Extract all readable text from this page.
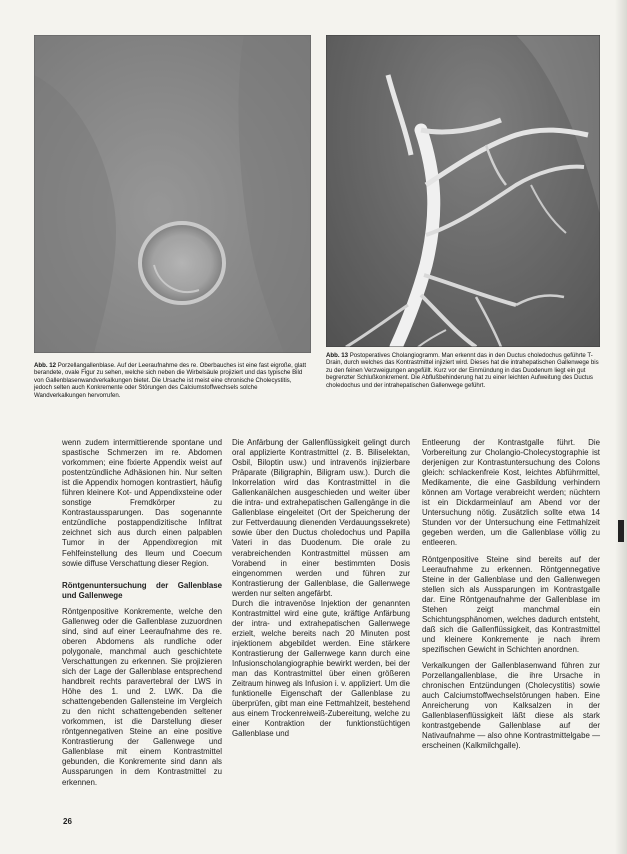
Abb. 12 Porzellangallenblase. Auf der Leeraufnahme des re. Oberbauches ist eine fast eigroße, glatt berandete, ovale Figur zu sehen, welche sich neben die Wirbelsäule projiziert und das typische Bild von Gallenblasenwandverkalkungen bietet. Die Ursache ist meist eine chronische Cholecystitis, jedoch selten auch Konkremente oder Störungen des Calciumstoffwechsels solche Wandverkalkungen hervorrufen.
Abb. 13 Postoperatives Cholangiogramm. Man erkennt das in den Ductus choledochus geführte T-Drain, durch welches das Kontrastmittel injiziert wird. Dieses hat die intrahepatischen Gallenwege bis zu den feinen Verzweigungen angefüllt. Kurz vor der Einmündung in das Duodenum liegt ein gut begrenzter Schlußkonkrement. Die Abflußbehinderung hat zu einer leichten Aufweitung des Ductus choledochus und der intrahepatischen Gallenwege geführt.

wenn zudem intermittierende spontane und spastische Schmerzen im re. Abdomen vorkommen; eine fixierte Appendix weist auf postentzündliche Adhäsionen hin. Nur selten ist die Appendix homogen kontrastiert, häufig führen kleinere Kot- und Appendixsteine oder sonstige Fremdkörper zu Kontrastaussparungen. Das sogenannte entzündliche postappendizitische Infiltrat zeichnet sich aus durch einen palpablen Tumor in der Appendixregion mit Fehlfeinstellung des Ileum und Coecum sowie diffuse Verschattung dieser Region.

Röntgenuntersuchung der Gallenblase und Gallenwege

Röntgenpositive Konkremente, welche den Gallenweg oder die Gallenblase zuzuordnen sind, sind auf einer Leeraufnahme des re. oberen Abdomens als rundliche oder polygonale, manchmal auch geschichtete Verschattungen zu erkennen. Sie projizieren sich der Lage der Gallenblase entsprechend handbreit rechts paravertebral der LWS in Höhe des 1. und 2. LWK. Da die schattengebenden Gallensteine im Vergleich zu den nicht schattengebenden seltener vorkommen, ist die Darstellung dieser röntgennegativen Steine an eine positive Kontrastierung der Gallenwege und Gallenblase mit einem Kontrastmittel gebunden, die Konkremente sind dann als Aussparungen in dem Kontrastmittel zu erkennen.

Die Anfärbung der Gallenflüssigkeit gelingt durch oral applizierte Kontrastmittel (z. B. Biliselektan, Osbil, Biloptin usw.) und intravenös injizierbare Präparate (Biligraphin, Biligram usw.). Durch die Inkorrelation wird das Kontrastmittel in die Gallenkanälchen ausgeschieden und weiter über die intra- und extrahepatischen Gallengänge in die Gallenblase eingeleitet (Ort der Speicherung der zur Fettverdauung dienenden Verdauungssekrete) sowie über den Ductus choledochus und Papilla Vateri in das Duodenum. Die orale zu verabreichenden Kontrastmittel müssen am Vorabend in einer bestimmten Dosis eingenommen werden und führen zur Kontrastierung der Gallenblase, die Gallenwege werden nur selten angefärbt.

Durch die intravenöse Injektion der genannten Kontrastmittel wird eine gute, kräftige Anfärbung der intra- und extrahepatischen Gallenwege erzielt, welche bereits nach 20 Minuten post injektionem abgebildet werden. Eine stärkere Kontrastierung der Gallenwege kann durch eine Infusionscholangiographie bewirkt werden, bei der man das Kontrastmittel über einen größeren Zeitraum hinweg als Infusion i. v. appliziert. Um die funktionelle Eigenschaft der Gallenblase zu überprüfen, gibt man eine Fettmahlzeit, bestehend aus einem Trockenreiweiß-Zubereitung, welche zu einer Kontraktion der funktionstüchtigen Gallenblase und

Entleerung der Kontrastgalle führt. Die Vorbereitung zur Cholangio-Cholecystographie ist derjenigen zur Kontrastuntersuchung des Colons gleich: schlackenfreie Kost, leichtes Abführmittel, Medikamente, die eine Gasbildung verhindern können am Vortage verabreicht werden; nüchtern ist ein Dickdarmeinlauf am Abend vor der Untersuchung nötig. Zusätzlich sollte etwa 14 Stunden vor der Untersuchung eine Fettmahlzeit gegeben werden, um die Gallenblase völlig zu entleeren.

Röntgenpositive Steine sind bereits auf der Leeraufnahme zu erkennen. Röntgennegative Steine in der Gallenblase und den Gallenwegen stellen sich als Aussparungen im Kontrastgalle dar. Eine Röntgenaufnahme der Gallenblase im Stehen zeigt manchmal ein Schichtungsphänomen, welches dadurch entsteht, daß sich die Gallenflüssigkeit, das Kontrastmittel und kleinere Konkremente je nach ihrem spezifischen Gewicht in Schichten anordnen.

Verkalkungen der Gallenblasenwand führen zur Porzellangallenblase, die ihre Ursache in chronischen Entzündungen (Cholecystitis) sowie auch Calciumstoffwechselstörungen haben. Eine Anreicherung von Kalksalzen in der Gallenblasenflüssigkeit läßt diese als stark kontrastgebende Gallenblase auf der Nativaufnahme — also ohne Kontrastmittelgabe — erscheinen (Kalkmilchgalle).

26
